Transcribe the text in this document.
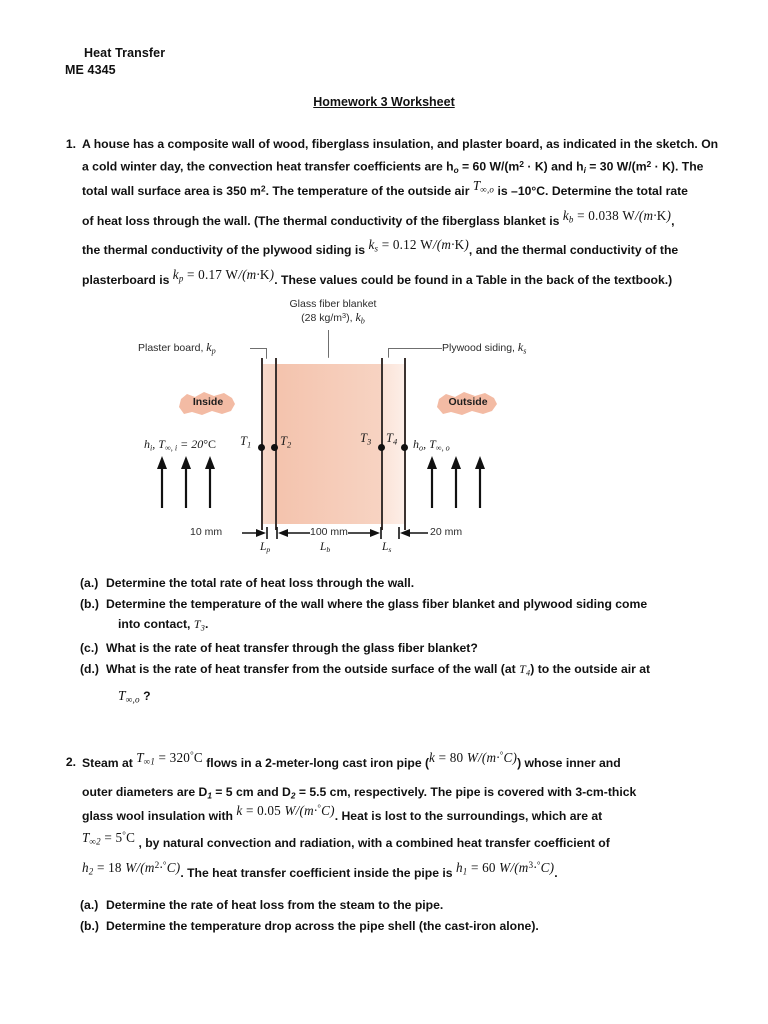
Heat Transfer
ME 4345
Homework 3 Worksheet
1. A house has a composite wall of wood, fiberglass insulation, and plaster board, as indicated in the sketch. On
a cold winter day, the convection heat transfer coefficients are $h_o = 60$ $W/(m^2 \cdot K)$ and $h_i = 30$ $W/(m^2 \cdot K)$. The
total wall surface area is 350 $m^2$. The temperature of the outside air $T_{\infty,o}$ is –10°C. Determine the total rate
of heat loss through the wall. (The thermal conductivity of the fiberglass blanket is $k_b = 0.038$ W/(m·K),
the thermal conductivity of the plywood siding is $k_s = 0.12$ W/(m·K), and the thermal conductivity of the
plasterboard is $k_p = 0.17$ W/(m·K). These values could be found in a Table in the back of the textbook.)
Glass fiber blanket
(28 $kg/m^3$), $k_b$
Plaster board, $k_p$	Plywood siding, $k_s$
Inside	Outside
$h_i$, $T_{\infty, i} = 20^\circ C$	$h_o$, $T_{\infty, o}$
$T_1$ $T_2$	$T_3$ $T_4$
10 mm	100 mm	20 mm
$L_p$	$L_b$	$L_s$
(a.) Determine the total rate of heat loss through the wall.
(b.) Determine the temperature of the wall where the glass fiber blanket and plywood siding come
into contact, $T_3$.
(c.) What is the rate of heat transfer through the glass fiber blanket?
(d.) What is the rate of heat transfer from the outside surface of the wall (at $T_4$) to the outside air at
$T_{\infty,o}$ ?
2. Steam at $T_{\infty 1} = 320^\circ C$ flows in a 2-meter-long cast iron pipe (k = 80 W/(m·°C)) whose inner and
outer diameters are $D_1 = 5$ cm and $D_2 = 5.5$ cm, respectively. The pipe is covered with 3-cm-thick
glass wool insulation with k = 0.05 W/(m·°C). Heat is lost to the surroundings, which are at
$T_{\infty 2} = 5^\circ C$ , by natural convection and radiation, with a combined heat transfer coefficient of
$h_2 = 18$ $W/(m^2\cdot^\circ C)$. The heat transfer coefficient inside the pipe is $h_1 = 60$ $W/(m^3\cdot^\circ C)$.
(a.) Determine the rate of heat loss from the steam to the pipe.
(b.) Determine the temperature drop across the pipe shell (the cast-iron alone).
